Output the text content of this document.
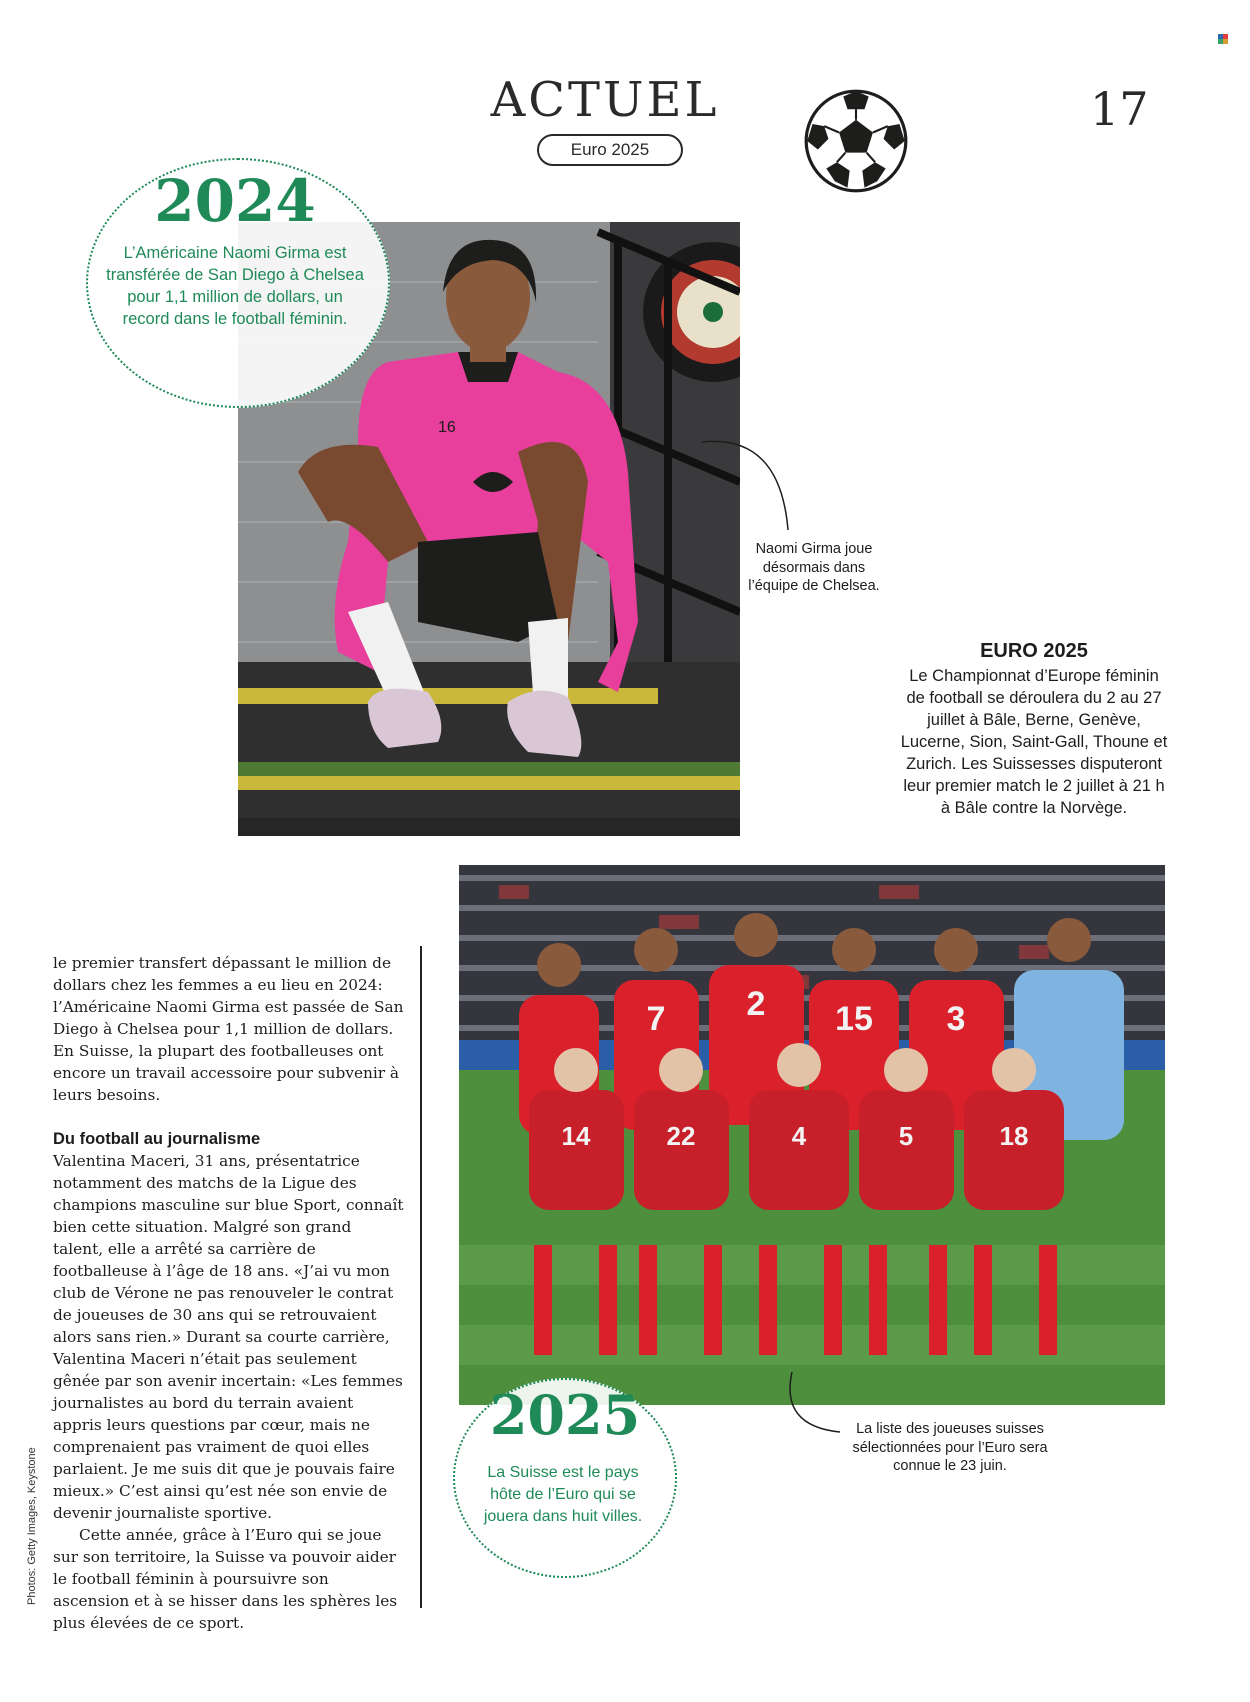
ACTUEL
Euro 2025
17
16
7 2 15 3
14	22	4	5	18
2024
L’Américaine Naomi Girma est transférée de San Diego à Chelsea pour 1,1 million de dollars, un record dans le football féminin.
Naomi Girma joue désormais dans l’équipe de Chelsea.
EURO 2025
Le Championnat d’Europe féminin de football se déroulera du 2 au 27 juillet à Bâle, Berne, Genève, Lucerne, Sion, Saint-Gall, Thoune et Zurich. Les Suissesses disputeront leur premier match le 2 juillet à 21 h à Bâle contre la Norvège.

le premier transfert dépassant le million de dollars chez les femmes a eu lieu en 2024: l’Américaine Naomi Girma est passée de San Diego à Chelsea pour 1,1 million de dollars. En Suisse, la plupart des footballeuses ont encore un travail accessoire pour subvenir à leurs besoins.

Du football au journalisme

Valentina Maceri, 31 ans, présentatrice notamment des matchs de la Ligue des champions masculine sur blue Sport, connaît bien cette situation. Malgré son grand talent, elle a arrêté sa carrière de footballeuse à l’âge de 18 ans. «J’ai vu mon club de Vérone ne pas renouveler le contrat de joueuses de 30 ans qui se retrouvaient alors sans rien.» Durant sa courte carrière, Valentina Maceri n’était pas seulement gênée par son avenir incertain: «Les femmes journalistes au bord du terrain avaient appris leurs questions par cœur, mais ne comprenaient pas vraiment de quoi elles parlaient. Je me suis dit que je pouvais faire mieux.» C’est ainsi qu’est née son envie de devenir journaliste sportive.

Cette année, grâce à l’Euro qui se joue sur son territoire, la Suisse va pouvoir aider le football féminin à poursuivre son ascension et à se hisser dans les sphères les plus élevées de ce sport.

Photos: Getty Images, Keystone
2025
La Suisse est le pays hôte de l’Euro qui se jouera dans huit villes.
La liste des joueuses suisses sélectionnées pour l’Euro sera connue le 23 juin.
